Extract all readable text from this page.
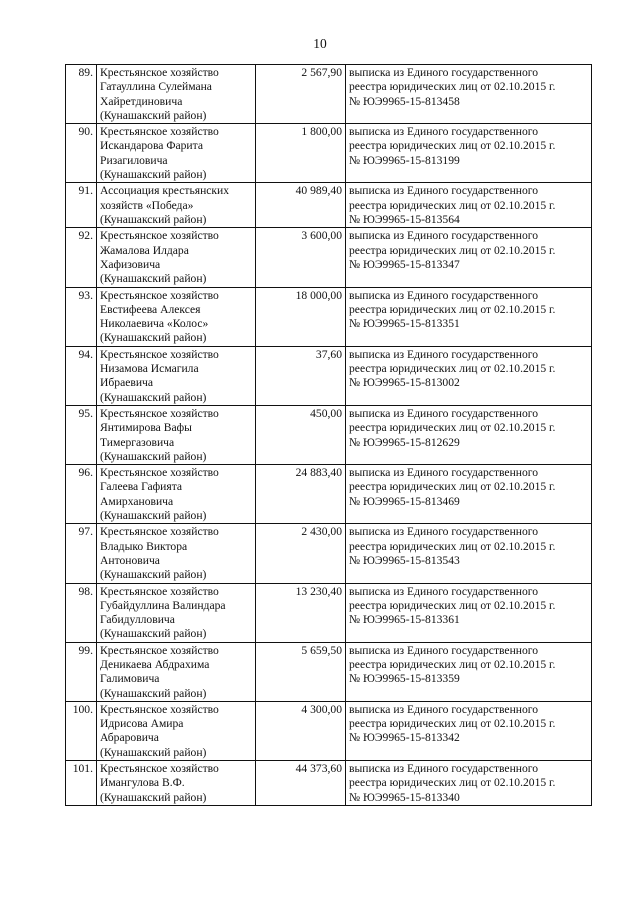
10
89.	Крестьянское хозяйство
Гатауллина Сулеймана
Хайретдиновича
(Кунашакский район)	2 567,90	выписка из Единого государственного
реестра юридических лиц от 02.10.2015 г.
№ ЮЭ9965-15-813458

90.	Крестьянское хозяйство
Искандарова Фарита
Ризагиловича
(Кунашакский район)	1 800,00	выписка из Единого государственного
реестра юридических лиц от 02.10.2015 г.
№ ЮЭ9965-15-813199

91.	Ассоциация крестьянских
хозяйств «Победа»
(Кунашакский район)	40 989,40	выписка из Единого государственного
реестра юридических лиц от 02.10.2015 г.
№ ЮЭ9965-15-813564

92.	Крестьянское хозяйство
Жамалова Илдара
Хафизовича
(Кунашакский район)	3 600,00	выписка из Единого государственного
реестра юридических лиц от 02.10.2015 г.
№ ЮЭ9965-15-813347

93.	Крестьянское хозяйство
Евстифеева Алексея
Николаевича «Колос»
(Кунашакский район)	18 000,00	выписка из Единого государственного
реестра юридических лиц от 02.10.2015 г.
№ ЮЭ9965-15-813351

94.	Крестьянское хозяйство
Низамова Исмагила
Ибраевича
(Кунашакский район)	37,60	выписка из Единого государственного
реестра юридических лиц от 02.10.2015 г.
№ ЮЭ9965-15-813002

95.	Крестьянское хозяйство
Янтимирова Вафы
Тимергазовича
(Кунашакский район)	450,00	выписка из Единого государственного
реестра юридических лиц от 02.10.2015 г.
№ ЮЭ9965-15-812629

96.	Крестьянское хозяйство
Галеева Гафията
Амирхановича
(Кунашакский район)	24 883,40	выписка из Единого государственного
реестра юридических лиц от 02.10.2015 г.
№ ЮЭ9965-15-813469

97.	Крестьянское хозяйство
Владыко Виктора
Антоновича
(Кунашакский район)	2 430,00	выписка из Единого государственного
реестра юридических лиц от 02.10.2015 г.
№ ЮЭ9965-15-813543

98.	Крестьянское хозяйство
Губайдуллина Валиндара
Габидулловича
(Кунашакский район)	13 230,40	выписка из Единого государственного
реестра юридических лиц от 02.10.2015 г.
№ ЮЭ9965-15-813361

99.	Крестьянское хозяйство
Деникаева Абдрахима
Галимовича
(Кунашакский район)	5 659,50	выписка из Единого государственного
реестра юридических лиц от 02.10.2015 г.
№ ЮЭ9965-15-813359

100.	Крестьянское хозяйство
Идрисова Амира
Абраровича
(Кунашакский район)	4 300,00	выписка из Единого государственного
реестра юридических лиц от 02.10.2015 г.
№ ЮЭ9965-15-813342

101.	Крестьянское хозяйство
Имангулова В.Ф.
(Кунашакский район)	44 373,60	выписка из Единого государственного
реестра юридических лиц от 02.10.2015 г.
№ ЮЭ9965-15-813340
